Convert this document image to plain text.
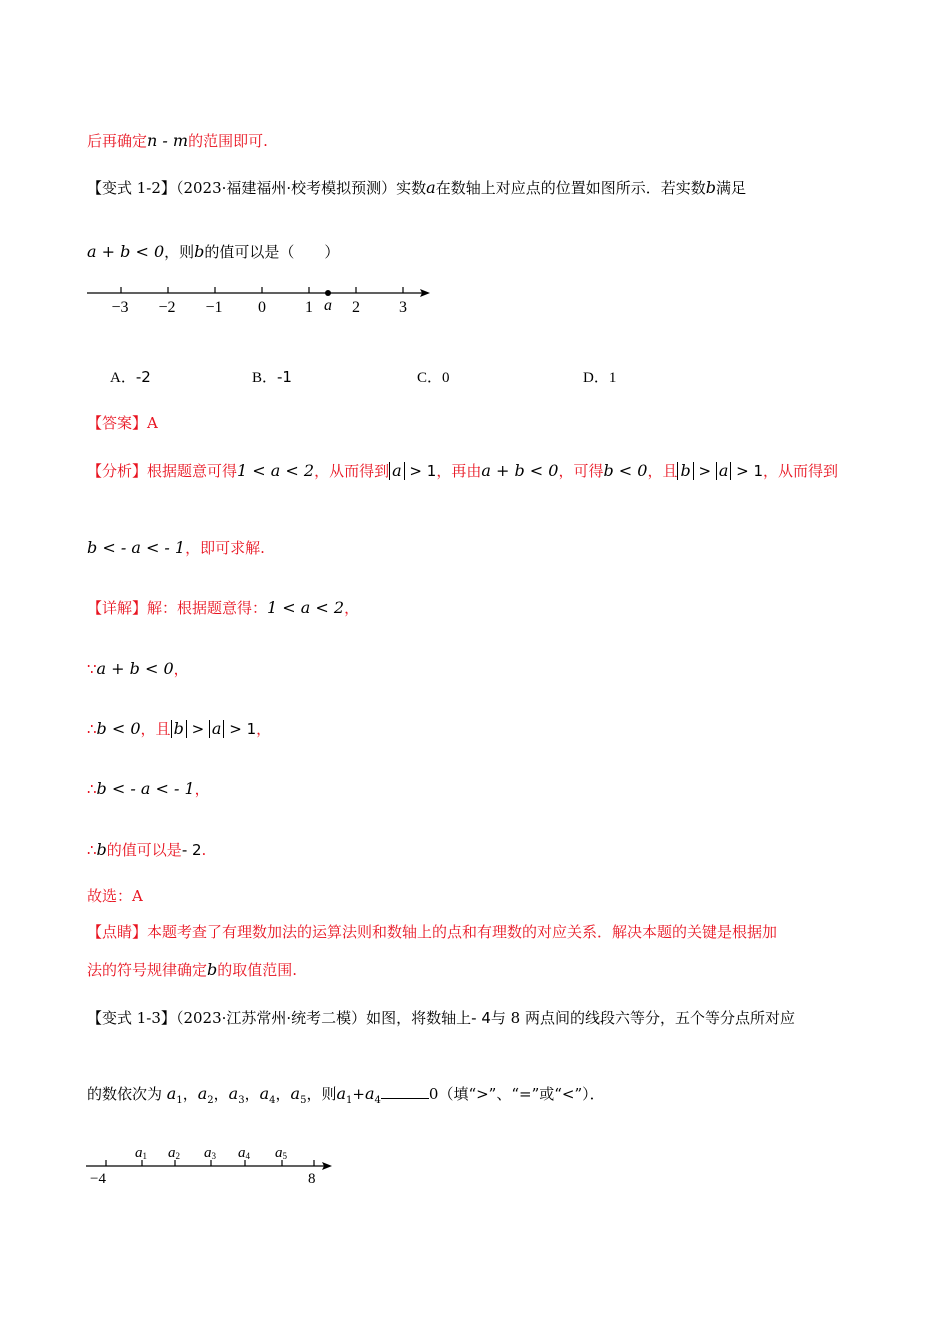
后再确定n - m的范围即可.
【变式 1-2】（2023·福建福州·校考模拟预测）实数a在数轴上对应点的位置如图所示．若实数b满足
a + b < 0，则b的值可以是（　　）
−3 −2 −1 0 1 a 2 3
A．-2	B．-1	C．0	D．1
【答案】A
【分析】根据题意可得1 < a < 2，从而得到 a > 1，再由a + b < 0，可得b < 0，且 b > a > 1，从而得到
b < - a < - 1，即可求解.
【详解】解：根据题意得：1 < a < 2，
∵a + b < 0，
∴b < 0，且 b > a > 1，
∴b < - a < - 1，
∴b的值可以是- 2.
故选：A
【点睛】本题考查了有理数加法的运算法则和数轴上的点和有理数的对应关系．解决本题的关键是根据加
法的符号规律确定b的取值范围.
【变式 1-3】（2023·江苏常州·统考二模）如图，将数轴上- 4与 8 两点间的线段六等分，五个等分点所对应
的数依次为 $a_1$，$a_2$，$a_3$，$a_4$，$a_5$，则$a_1+a_4$	0（填“>”、“=”或“<”）．
−4	8
a1 a2 a3 a4 a5
